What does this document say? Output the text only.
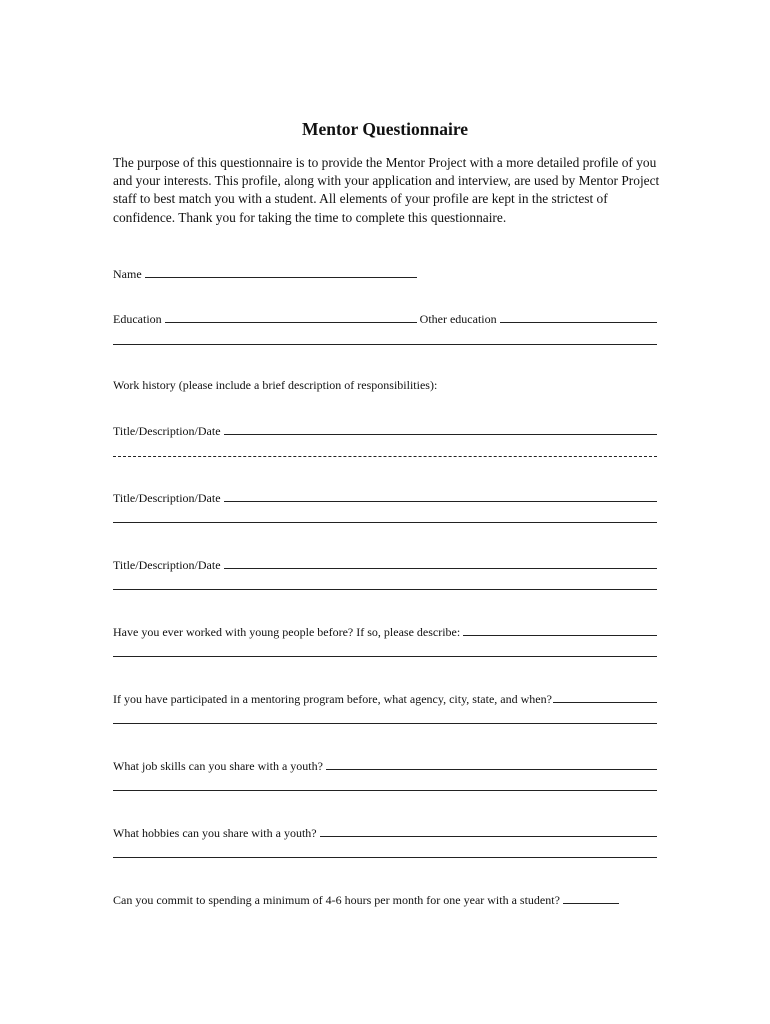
Mentor Questionnaire

The purpose of this questionnaire is to provide the Mentor Project with a more detailed profile of you and your interests. This profile, along with your application and interview, are used by Mentor Project staff to best match you with a student. All elements of your profile are kept in the strictest of confidence. Thank you for taking the time to complete this questionnaire.

Name
Education	Other education
Work history (please include a brief description of responsibilities):
Title/Description/Date
Title/Description/Date
Title/Description/Date
Have you ever worked with young people before? If so, please describe:
If you have participated in a mentoring program before, what agency, city, state, and when?
What job skills can you share with a youth?
What hobbies can you share with a youth?
Can you commit to spending a minimum of 4-6 hours per month for one year with a student?
